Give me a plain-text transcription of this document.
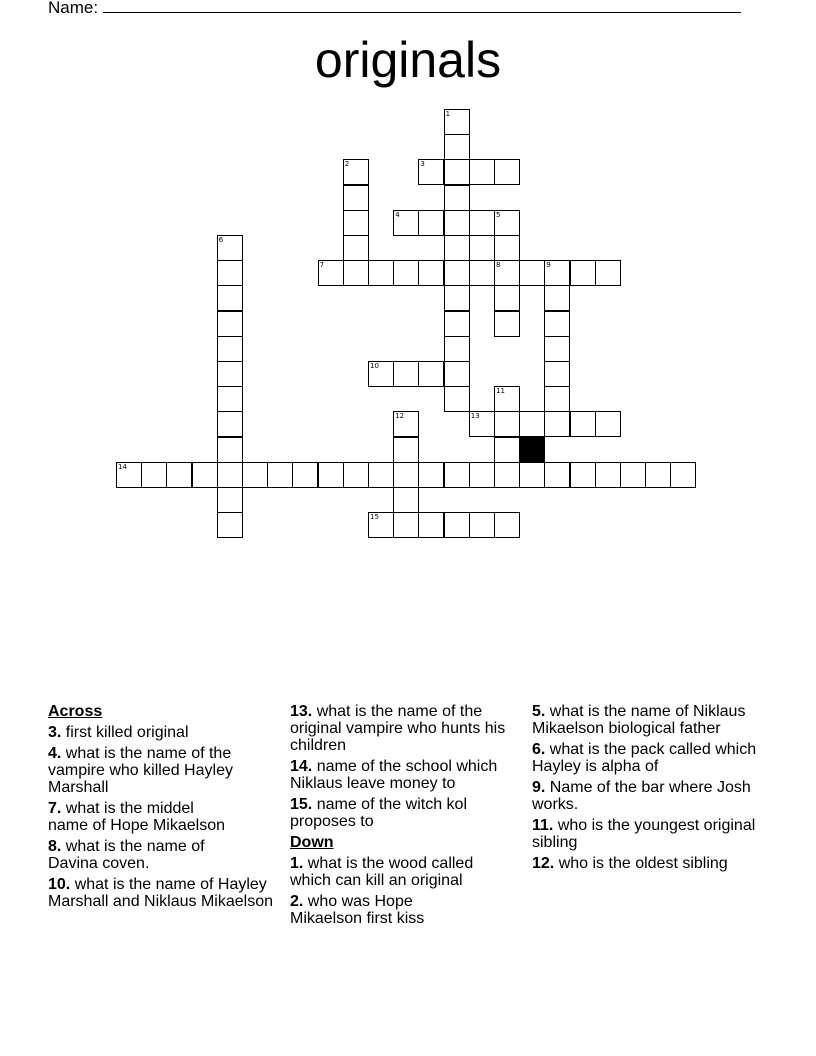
Name:
originals
1
2	3
4	5
8
6
7	9
10
11
12	13
14
15
Across
3. first killed original
4. what is the name of the vampire who killed Hayley Marshall
7. what is the middel name of Hope Mikaelson
8. what is the name of Davina coven.
10. what is the name of Hayley Marshall and Niklaus Mikaelson
13. what is the name of the original vampire who hunts his children
14. name of the school which Niklaus leave money to
15. name of the witch kol proposes to
Down
1. what is the wood called which can kill an original
2. who was Hope Mikaelson first kiss
5. what is the name of Niklaus Mikaelson biological father
6. what is the pack called which Hayley is alpha of
9. Name of the bar where Josh works.
11. who is the youngest original sibling
12. who is the oldest sibling
